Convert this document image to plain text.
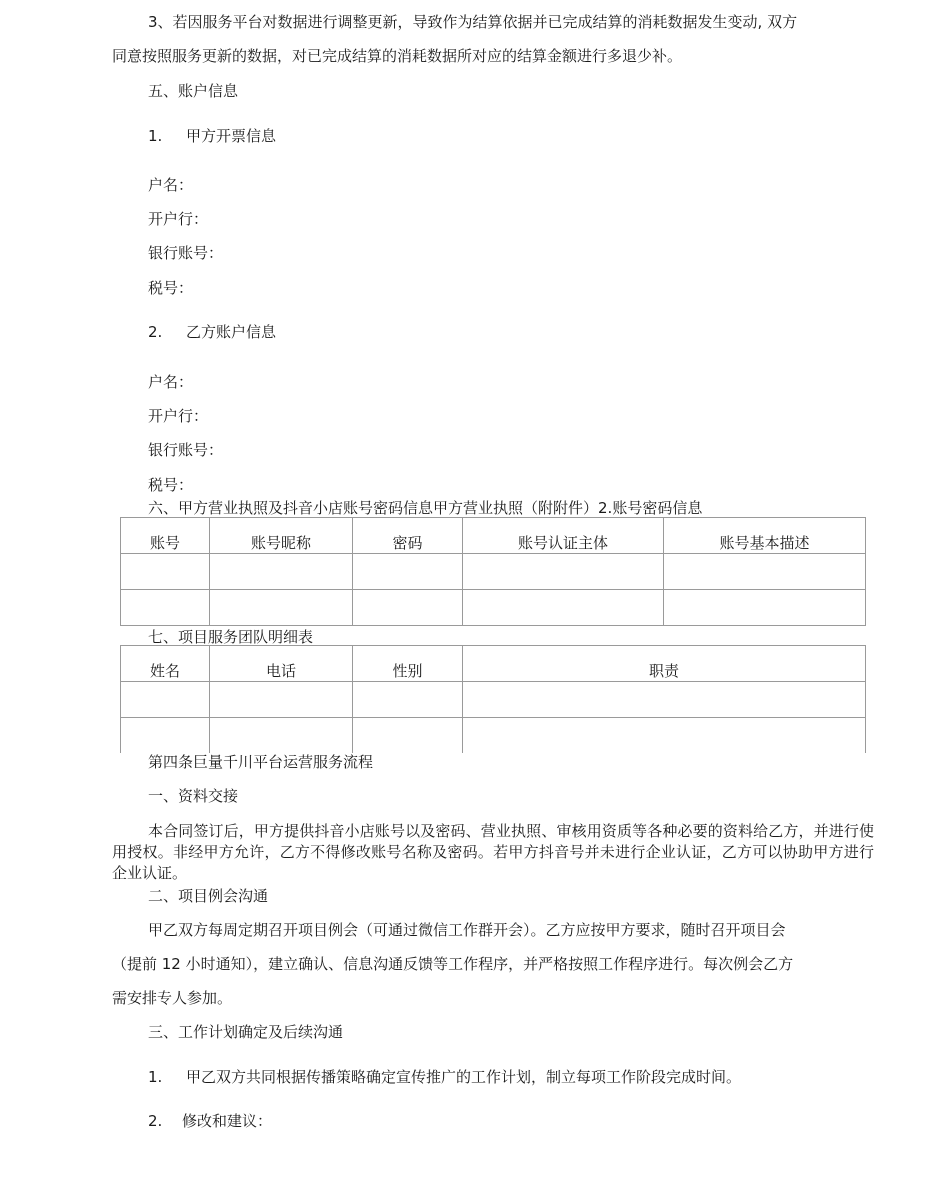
3、若因服务平台对数据进行调整更新，导致作为结算依据并已完成结算的消耗数据发生变动, 双方
同意按照服务更新的数据，对已完成结算的消耗数据所对应的结算金额进行多退少补。
五、账户信息
1. 甲方开票信息
户名：
开户行：
银行账号：
税号：
2. 乙方账户信息
户名：
开户行：
银行账号：
税号：
六、甲方营业执照及抖音小店账号密码信息甲方营业执照（附附件）2.账号密码信息
账号	账号昵称	密码	账号认证主体	账号基本描述

七、项目服务团队明细表
姓名	电话	性别	职责

第四条巨量千川平台运营服务流程
一、资料交接
本合同签订后，甲方提供抖音小店账号以及密码、营业执照、审核用资质等各种必要的资料给乙方，并进行使用授权。非经甲方允许，乙方不得修改账号名称及密码。若甲方抖音号并未进行企业认证，乙方可以协助甲方进行企业认证。
二、项目例会沟通
甲乙双方每周定期召开项目例会（可通过微信工作群开会）。乙方应按甲方要求，随时召开项目会
（提前 12 小时通知），建立确认、信息沟通反馈等工作程序，并严格按照工作程序进行。每次例会乙方
需安排专人参加。
三、工作计划确定及后续沟通
1. 甲乙双方共同根据传播策略确定宣传推广的工作计划，制立每项工作阶段完成时间。
2. 修改和建议：
